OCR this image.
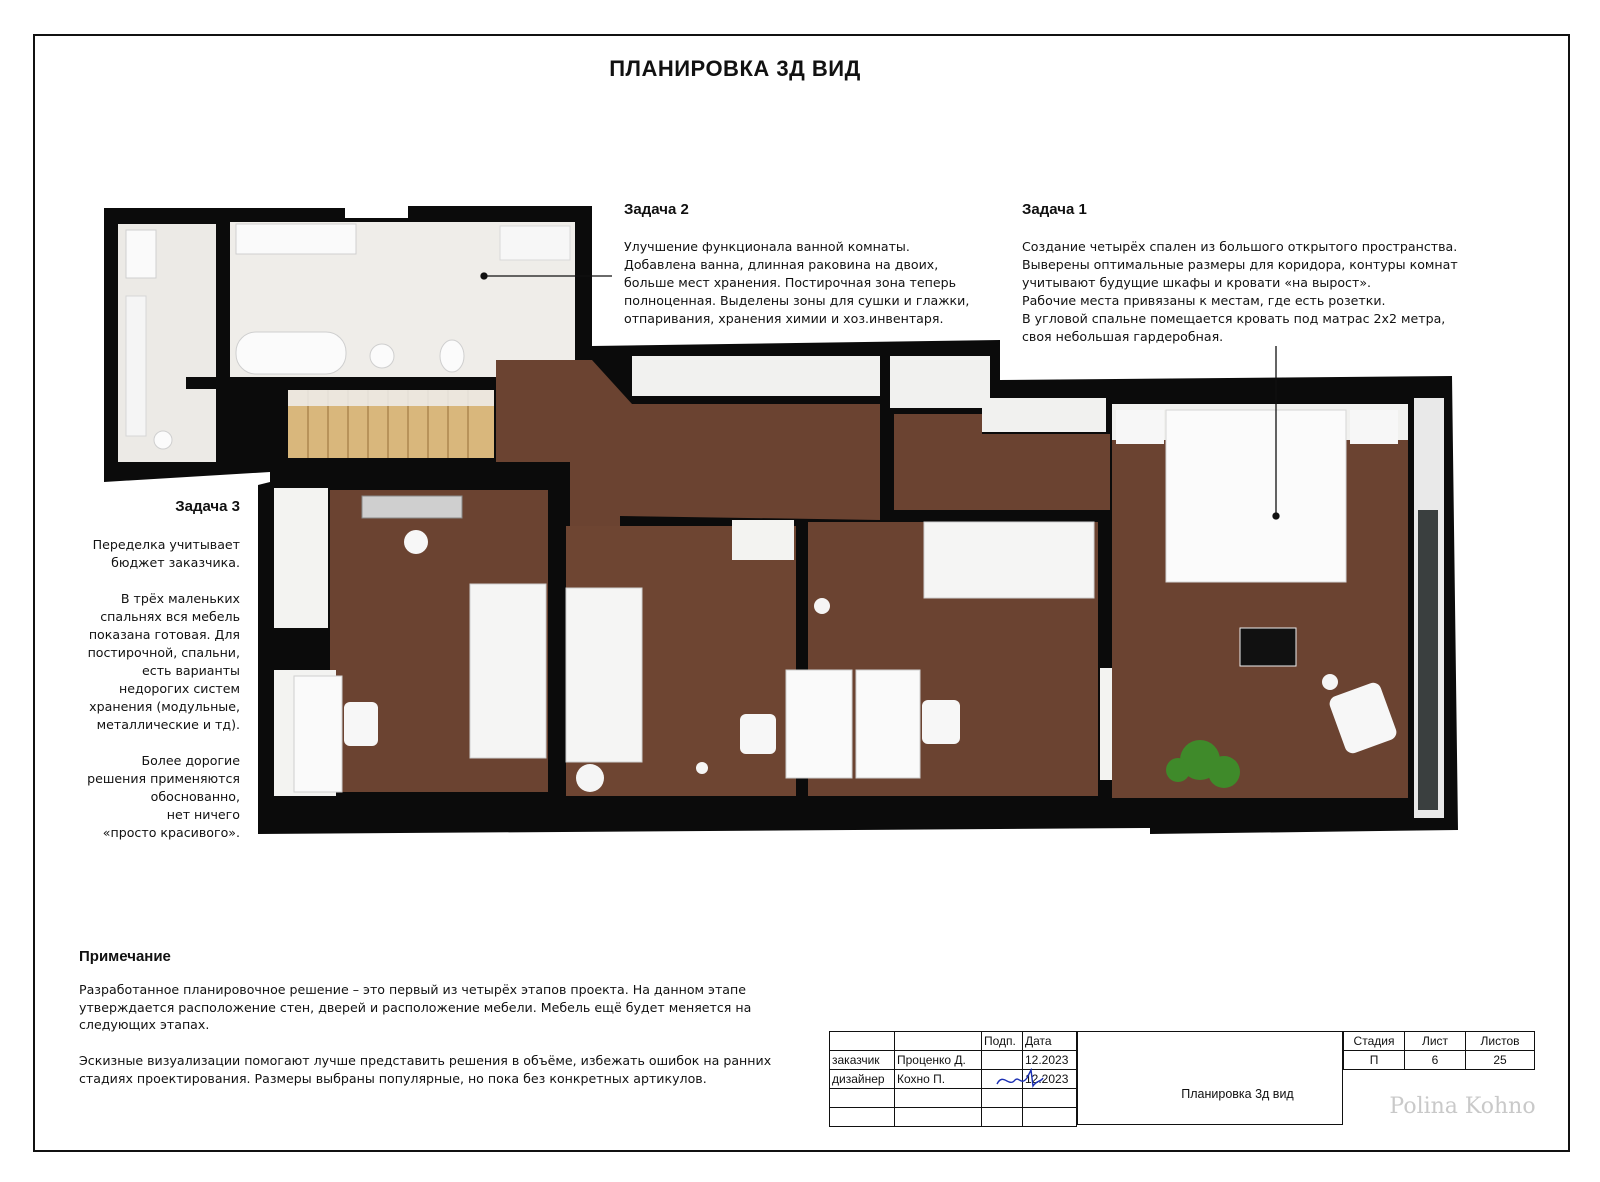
ПЛАНИРОВКА 3Д ВИД
Задача 2
Улучшение функционала ванной комнаты.
Добавлена ванна, длинная раковина на двоих,
больше мест хранения. Постирочная зона теперь
полноценная. Выделены зоны для сушки и глажки,
отпаривания, хранения химии и хоз.инвентаря.
Задача 1
Создание четырёх спален из большого открытого пространства.
Выверены оптимальные размеры для коридора, контуры комнат
учитывают будущие шкафы и кровати «на вырост».
Рабочие места привязаны к местам, где есть розетки.
В угловой спальне помещается кровать под матрас 2х2 метра,
своя небольшая гардеробная.
Задача 3
Переделка учитывает
бюджет заказчика.

В трёх маленьких
спальнях вся мебель
показана готовая. Для
постирочной, спальни,
есть варианты
недорогих систем
хранения (модульные,
металлические и тд).

Более дорогие
решения применяются
обоснованно,
нет ничего
«просто красивого».
Примечание
Разработанное планировочное решение – это первый из четырёх этапов проекта. На данном этапе
утверждается расположение стен, дверей и расположение мебели. Мебель ещё будет меняется на
следующих этапах.
Эскизные визуализации помогают лучше представить решения в объёме, избежать ошибок на ранних
стадиях проектирования. Размеры выбраны популярные, но пока без конкретных артикулов.
		Подп.	Дата
заказчик	Проценко Д.		12.2023
дизайнер	Кохно П.		12.2023

Планировка 3д вид
Стадия	Лист	Листов
П	6	25
Polina Kohno
